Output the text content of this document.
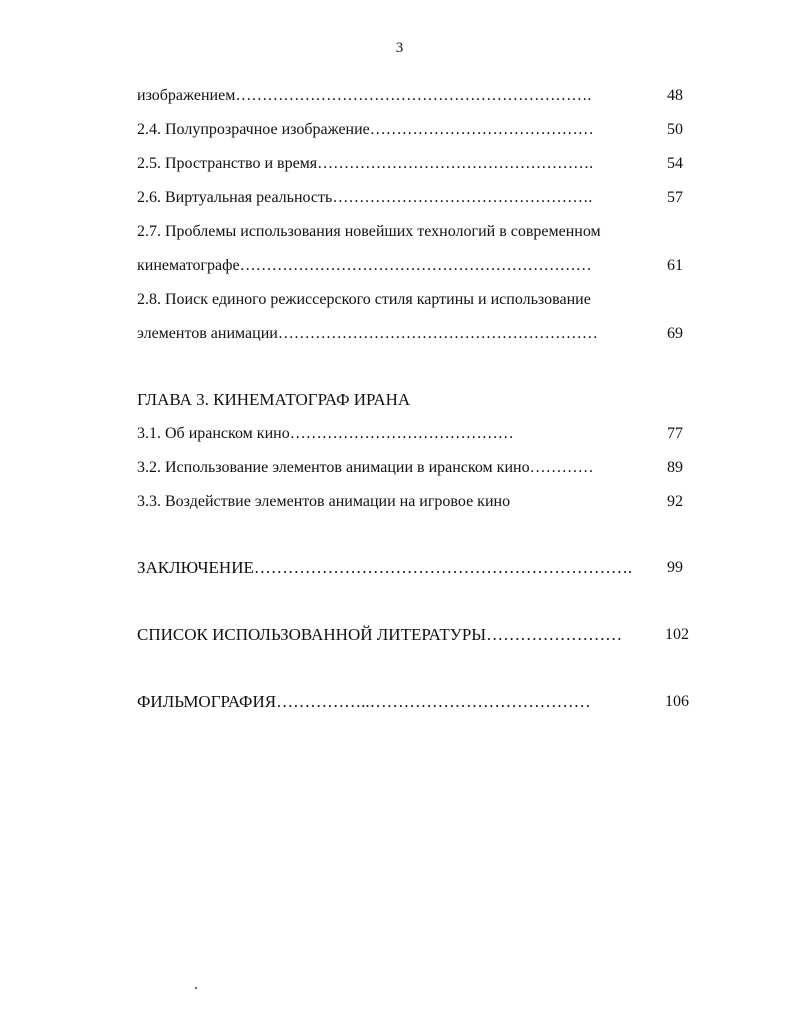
3
изображением………………………………………………………….	48
2.4. Полупрозрачное изображение……………………………………	50
2.5. Пространство и время…………………………………………….	54
2.6. Виртуальная реальность………………………………………….	57
2.7. Проблемы использования новейших технологий в современном
кинематографе…………………………………………………………	61
2.8. Поиск единого режиссерского стиля картины и использование
элементов анимации……………………………………………………	69
ГЛАВА 3. КИНЕМАТОГРАФ ИРАНА
3.1. Об иранском кино……………………………………	77
3.2. Использование элементов анимации в иранском кино…………	89
3.3. Воздействие элементов анимации на игровое кино	92
ЗАКЛЮЧЕНИЕ…………………………………………………………. 99
СПИСОК ИСПОЛЬЗОВАННОЙ ЛИТЕРАТУРЫ……………………	102
ФИЛЬМОГРАФИЯ……………..…………………………………	106
